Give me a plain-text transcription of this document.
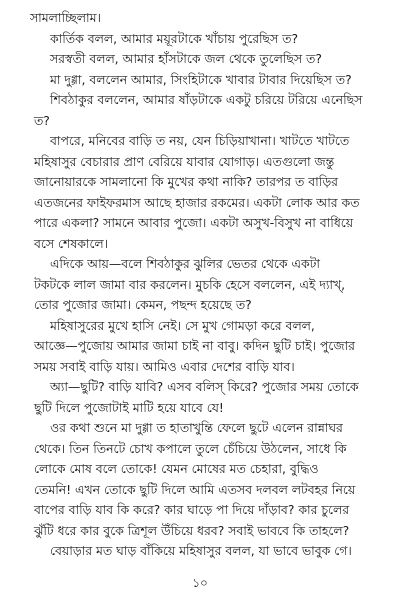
সামলাচ্ছিলাম।
কার্তিক বলল, আমার ময়ূরটাকে খাঁচায় পুরেছিস ত?
সরস্বতী বলল, আমার হাঁসটাকে জল থেকে তুলেছিস ত?
মা দুগ্গা, বললেন আমার, সিংহিটাকে খাবার টাবার দিয়েছিস ত?
শিবঠাকুর বললেন, আমার ষাঁড়টাকে একটু চরিয়ে টরিয়ে এনেছিস
ত?
বাপরে, মনিবের বাড়ি ত নয়, যেন চিড়িয়াখানা। খাটতে খাটতে
মহিষাসুর বেচারার প্রাণ বেরিয়ে যাবার যোগাড়। এতগুলো জন্তু
জানোয়ারকে সামলানো কি মুখের কথা নাকি? তারপর ত বাড়ির
এতজনের ফাইফরমাস আছে হাজার রকমের। একটা লোক আর কত
পারে একলা? সামনে আবার পুজো। একটা অসুখ-বিসুখ না বাধিয়ে
বসে শেষকালে।
এদিকে আয়—বলে শিবঠাকুর ঝুলির ভেতর থেকে একটা
টকটকে লাল জামা বার করলেন। মুচকি হেসে বললেন, এই দ্যাখ্,
তোর পুজোর জামা। কেমন, পছন্দ হয়েছে ত?
মহিষাসুরের মুখে হাসি নেই। সে মুখ গোমড়া করে বলল,
আজ্ঞে—পুজোয় আমার জামা চাই না বাবু। কদিন ছুটি চাই। পুজোর
সময় সবাই বাড়ি যায়। আমিও এবার দেশের বাড়ি যাব।
অ্যা—ছুটি? বাড়ি যাবি? এসব বলিস্ কিরে? পুজোর সময় তোকে
ছুটি দিলে পুজোটাই মাটি হয়ে যাবে যে!
ওর কথা শুনে মা দুগ্গা ত হাতাখুন্তি ফেলে ছুটে এলেন রান্নাঘর
থেকে। তিন তিনটে চোখ কপালে তুলে চেঁচিয়ে উঠলেন, সাধে কি
লোকে মোষ বলে তোকে! যেমন মোষের মত চেহারা, বুদ্ধিও
তেমনি! এখন তোকে ছুটি দিলে আমি এতসব দলবল লটবহর নিয়ে
বাপের বাড়ি যাব কি করে? কার ঘাড়ে পা দিয়ে দাঁড়াব? কার চুলের
ঝুঁটি ধরে কার বুকে ত্রিশূল উঁচিয়ে ধরব? সবাই ভাববে কি তাহলে?
বেয়াড়ার মত ঘাড় বাঁকিয়ে মহিষাসুর বলল, যা ভাবে ভাবুক গে।
১০
